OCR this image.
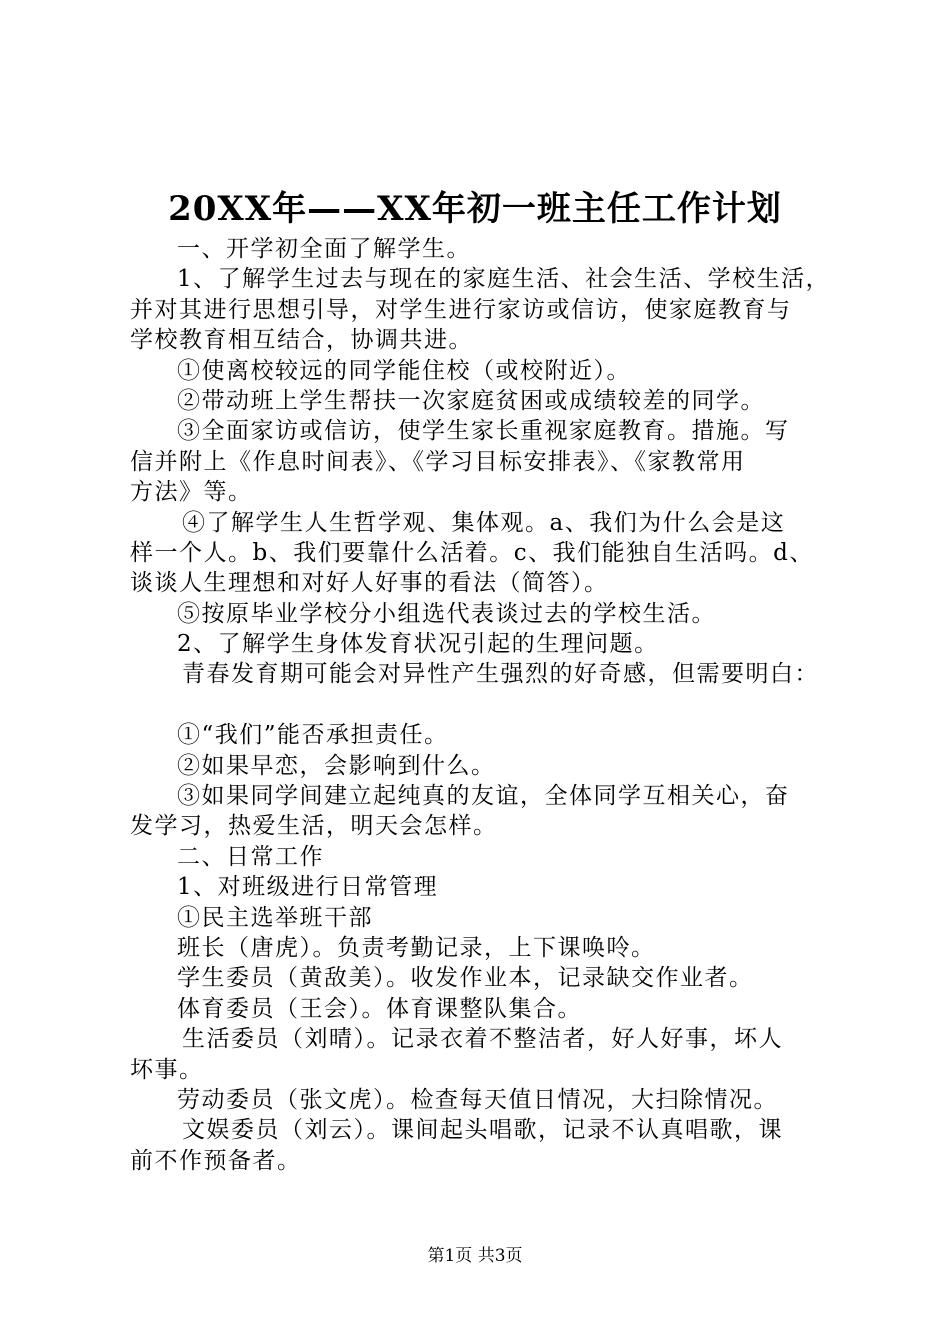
20XX年——XX年初一班主任工作计划
一、开学初全面了解学生。
1、了解学生过去与现在的家庭生活、社会生活、学校生活，
并对其进行思想引导，对学生进行家访或信访，使家庭教育与
学校教育相互结合，协调共进。
①使离校较远的同学能住校（或校附近）。
②带动班上学生帮扶一次家庭贫困或成绩较差的同学。
③全面家访或信访，使学生家长重视家庭教育。措施。写
信并附上《作息时间表》、《学习目标安排表》、《家教常用
方法》等。
④了解学生人生哲学观、集体观。a、我们为什么会是这
样一个人。b、我们要靠什么活着。c、我们能独自生活吗。d、
谈谈人生理想和对好人好事的看法（简答）。
⑤按原毕业学校分小组选代表谈过去的学校生活。
2、了解学生身体发育状况引起的生理问题。
青春发育期可能会对异性产生强烈的好奇感，但需要明白：
①“我们”能否承担责任。
②如果早恋，会影响到什么。
③如果同学间建立起纯真的友谊，全体同学互相关心，奋
发学习，热爱生活，明天会怎样。
二、日常工作
1、对班级进行日常管理
①民主选举班干部
班长（唐虎）。负责考勤记录，上下课唤呤。
学生委员（黄敌美）。收发作业本，记录缺交作业者。
体育委员（王会）。体育课整队集合。
生活委员（刘晴）。记录衣着不整洁者，好人好事，坏人
坏事。
劳动委员（张文虎）。检查每天值日情况，大扫除情况。
文娱委员（刘云）。课间起头唱歌，记录不认真唱歌，课
前不作预备者。
第1页 共3页
